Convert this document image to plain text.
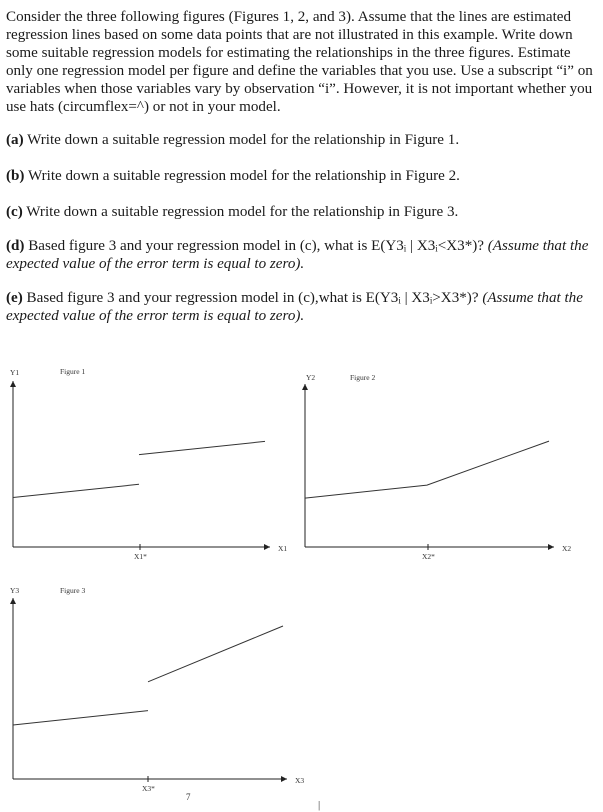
Consider the three following figures (Figures 1, 2, and 3). Assume that the lines are estimated regression lines based on some data points that are not illustrated in this example. Write down some suitable regression models for estimating the relationships in the three figures. Estimate only one regression model per figure and define the variables that you use. Use a subscript “i” on variables when those variables vary by observation “i”. However, it is not important whether you use hats (circumflex=^) or not in your model.

(a) Write down a suitable regression model for the relationship in Figure 1.

(b) Write down a suitable regression model for the relationship in Figure 2.

(c) Write down a suitable regression model for the relationship in Figure 3.

(d) Based figure 3 and your regression model in (c), what is E(Y3ᵢ | X3ᵢ<X3*)? (Assume that the expected value of the error term is equal to zero).

(e) Based figure 3 and your regression model in (c),what is E(Y3ᵢ | X3ᵢ>X3*)? (Assume that the expected value of the error term is equal to zero).

Y1	Figure 1
X1*
X1
Y2	Figure 2
X2*
X2
Y3	Figure 3
X3*
X3
7
|
